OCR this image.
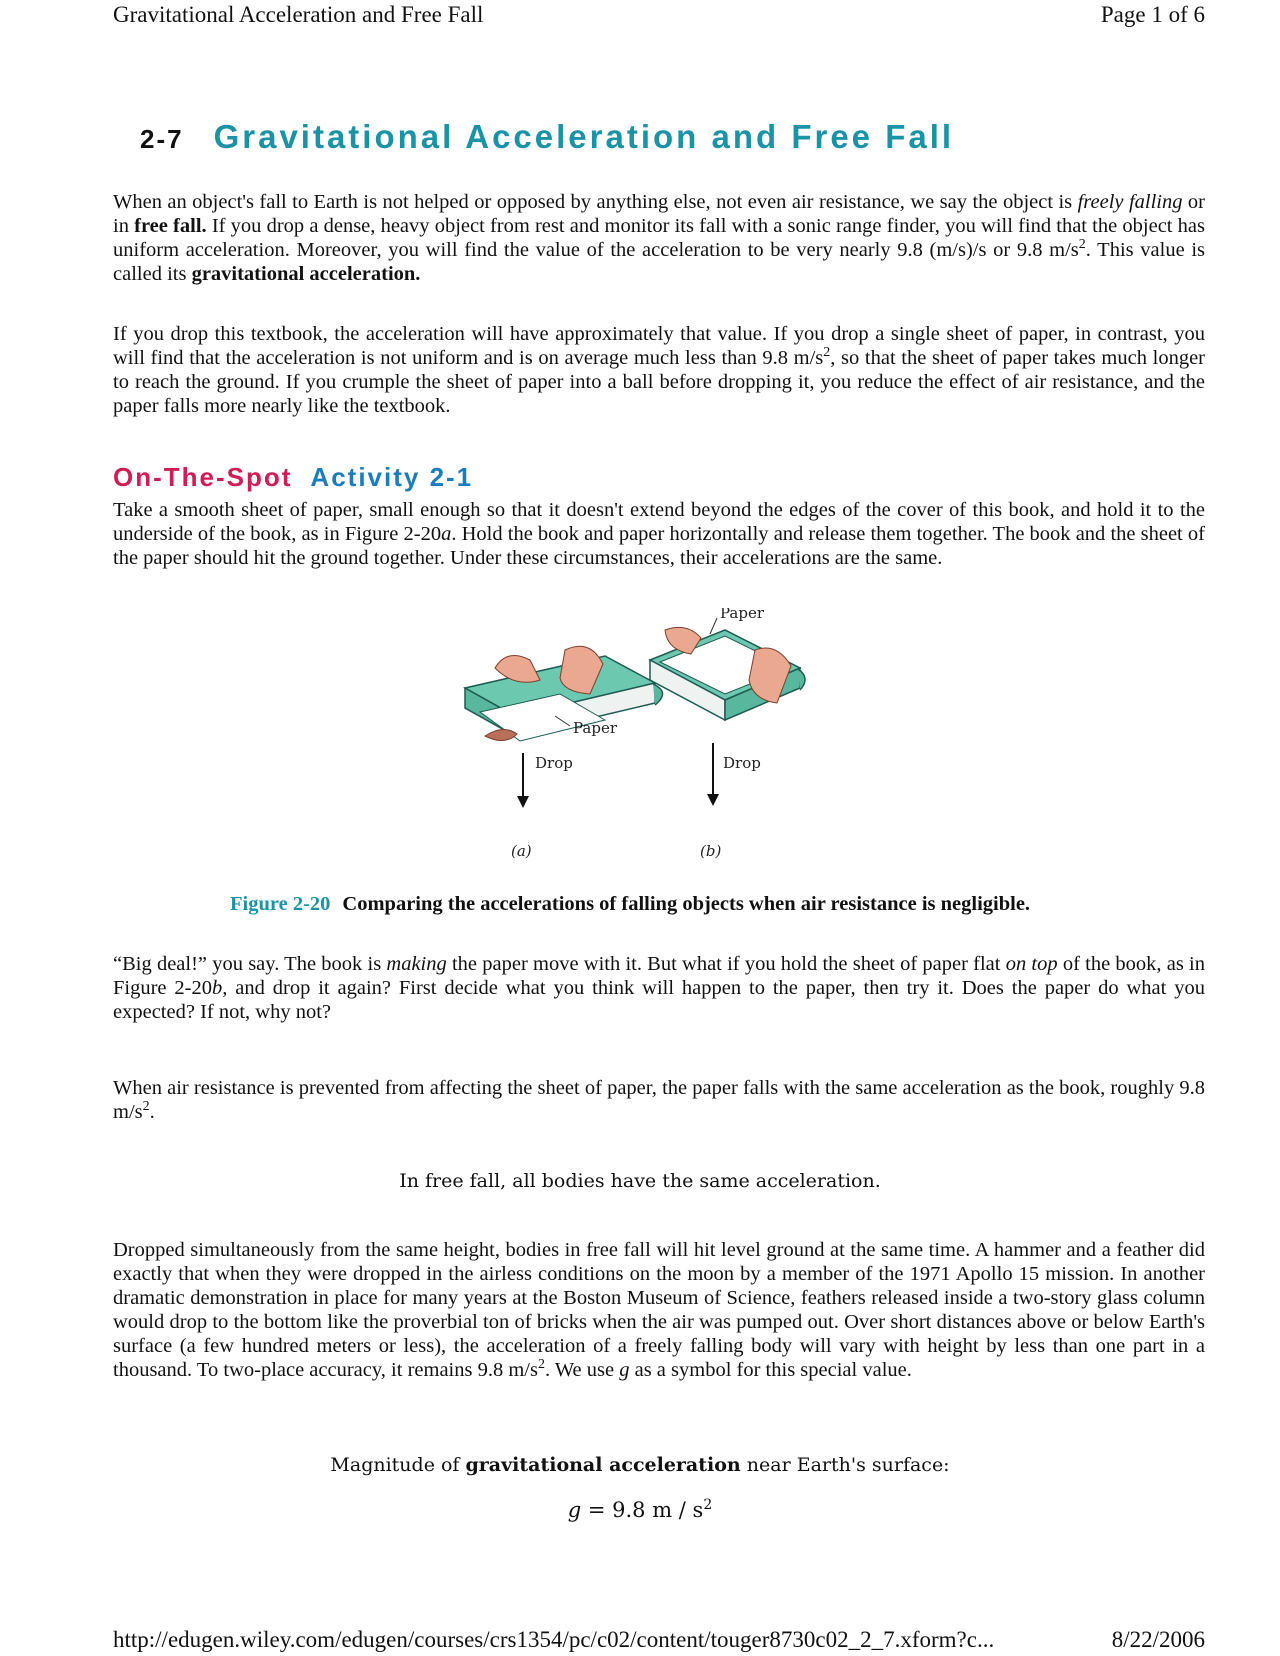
Gravitational Acceleration and Free Fall	Page 1 of 6
2-7 Gravitational Acceleration and Free Fall
When an object's fall to Earth is not helped or opposed by anything else, not even air resistance, we say the object is freely falling or in free fall. If you drop a dense, heavy object from rest and monitor its fall with a sonic range finder, you will find that the object has uniform acceleration. Moreover, you will find the value of the acceleration to be very nearly 9.8 (m/s)/s or 9.8 $m/s^2$. This value is called its gravitational acceleration.
If you drop this textbook, the acceleration will have approximately that value. If you drop a single sheet of paper, in contrast, you will find that the acceleration is not uniform and is on average much less than 9.8 $m/s^2$, so that the sheet of paper takes much longer to reach the ground. If you crumple the sheet of paper into a ball before dropping it, you reduce the effect of air resistance, and the paper falls more nearly like the textbook.
On-The-Spot Activity 2-1
Take a smooth sheet of paper, small enough so that it doesn't extend beyond the edges of the cover of this book, and hold it to the underside of the book, as in Figure 2-20a. Hold the book and paper horizontally and release them together. The book and the sheet of the paper should hit the ground together. Under these circumstances, their accelerations are the same.
Paper
Drop
(a)
Paper
Drop
(b)
Figure 2-20 Comparing the accelerations of falling objects when air resistance is negligible.
“Big deal!” you say. The book is making the paper move with it. But what if you hold the sheet of paper flat on top of the book, as in Figure 2-20b, and drop it again? First decide what you think will happen to the paper, then try it. Does the paper do what you expected? If not, why not?
When air resistance is prevented from affecting the sheet of paper, the paper falls with the same acceleration as the book, roughly 9.8 $m/s^2$.
In free fall, all bodies have the same acceleration.
Dropped simultaneously from the same height, bodies in free fall will hit level ground at the same time. A hammer and a feather did exactly that when they were dropped in the airless conditions on the moon by a member of the 1971 Apollo 15 mission. In another dramatic demonstration in place for many years at the Boston Museum of Science, feathers released inside a two-story glass column would drop to the bottom like the proverbial ton of bricks when the air was pumped out. Over short distances above or below Earth's surface (a few hundred meters or less), the acceleration of a freely falling body will vary with height by less than one part in a thousand. To two-place accuracy, it remains 9.8 $m/s^2$. We use g as a symbol for this special value.
Magnitude of gravitational acceleration near Earth's surface:
g = 9.8 m / $s^2$
http://edugen.wiley.com/edugen/courses/crs1354/pc/c02/content/touger8730c02_2_7.xform?c...	8/22/2006
